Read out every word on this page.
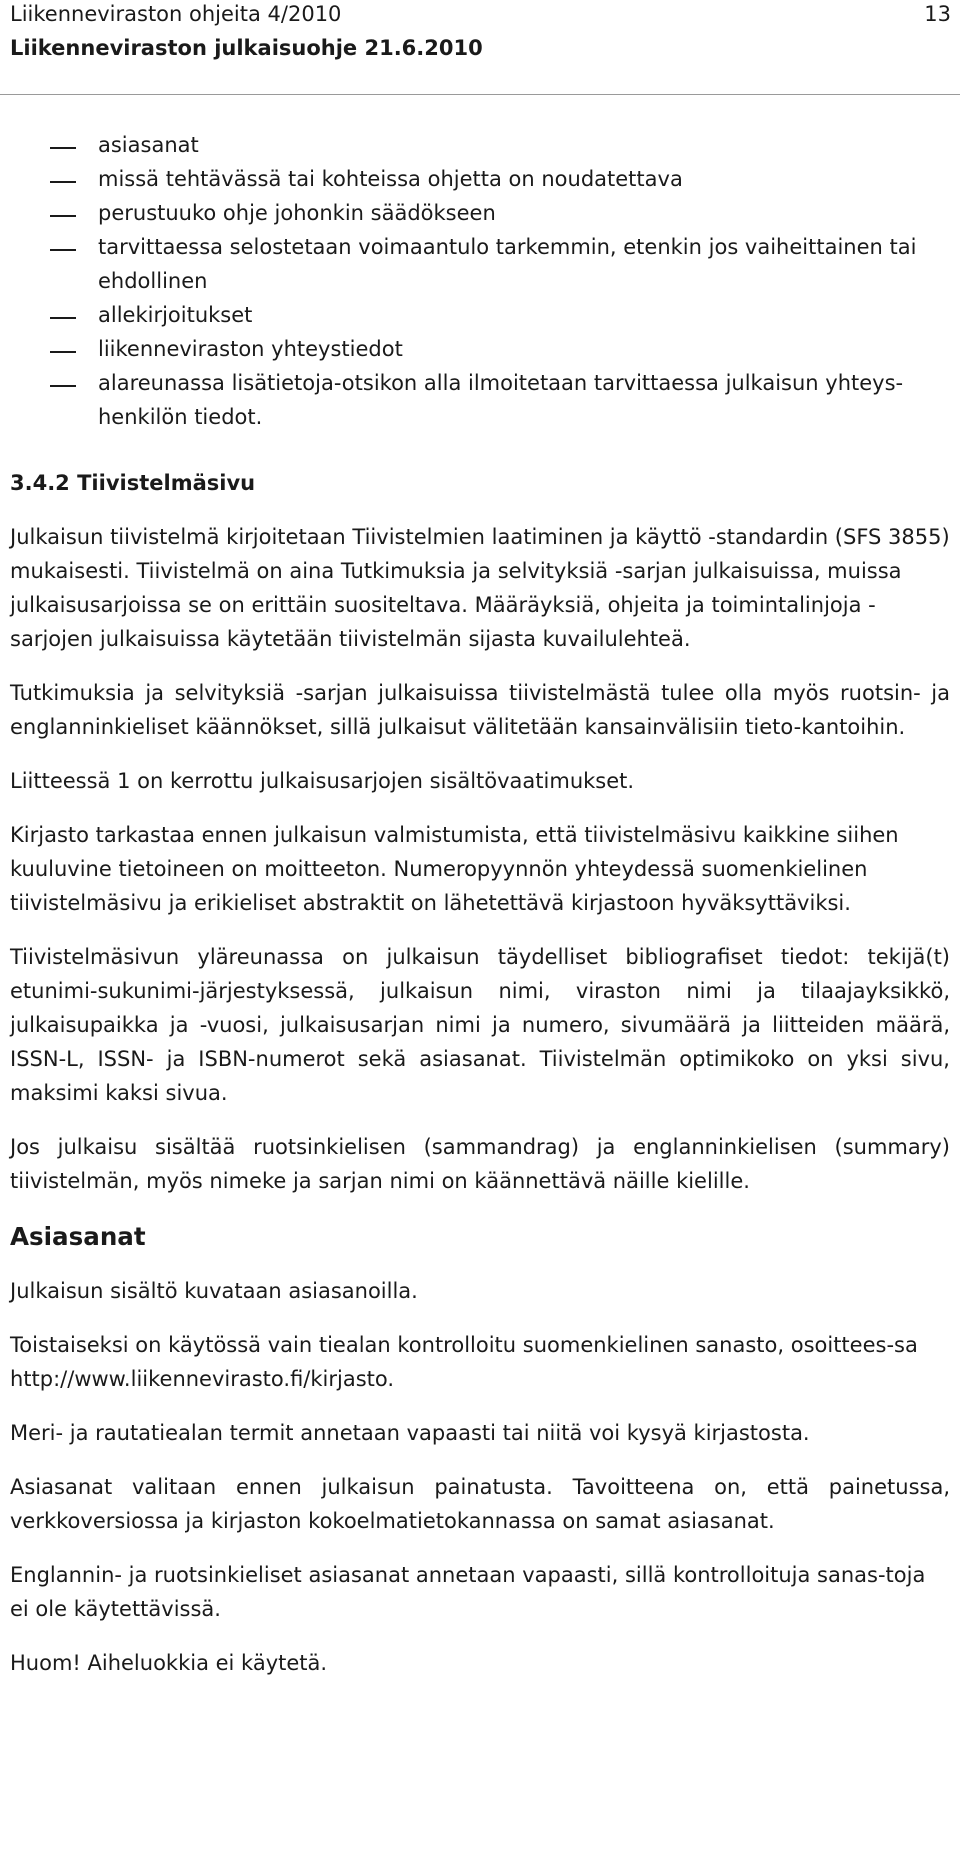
Liikenneviraston ohjeita 4/2010
Liikenneviraston julkaisuohje 21.6.2010
13
asiasanat
missä tehtävässä tai kohteissa ohjetta on noudatettava
perustuuko ohje johonkin säädökseen
tarvittaessa selostetaan voimaantulo tarkemmin, etenkin jos vaiheittainen tai ehdollinen
allekirjoitukset
liikenneviraston yhteystiedot
alareunassa lisätietoja-otsikon alla ilmoitetaan tarvittaessa julkaisun yhteys-henkilön tiedot.
3.4.2 Tiivistelmäsivu

Julkaisun tiivistelmä kirjoitetaan Tiivistelmien laatiminen ja käyttö -standardin (SFS 3855) mukaisesti. Tiivistelmä on aina Tutkimuksia ja selvityksiä -sarjan julkaisuissa, muissa julkaisusarjoissa se on erittäin suositeltava. Määräyksiä, ohjeita ja toimintalinjoja -sarjojen julkaisuissa käytetään tiivistelmän sijasta kuvailulehteä.

Tutkimuksia ja selvityksiä -sarjan julkaisuissa tiivistelmästä tulee olla myös ruotsin- ja englanninkieliset käännökset, sillä julkaisut välitetään kansainvälisiin tieto-kantoihin.

Liitteessä 1 on kerrottu julkaisusarjojen sisältövaatimukset.

Kirjasto tarkastaa ennen julkaisun valmistumista, että tiivistelmäsivu kaikkine siihen kuuluvine tietoineen on moitteeton. Numeropyynnön yhteydessä suomenkielinen tiivistelmäsivu ja erikieliset abstraktit on lähetettävä kirjastoon hyväksyttäviksi.

Tiivistelmäsivun yläreunassa on julkaisun täydelliset bibliografiset tiedot: tekijä(t) etunimi-sukunimi-järjestyksessä, julkaisun nimi, viraston nimi ja tilaajayksikkö, julkaisupaikka ja -vuosi, julkaisusarjan nimi ja numero, sivumäärä ja liitteiden määrä, ISSN-L, ISSN- ja ISBN-numerot sekä asiasanat. Tiivistelmän optimikoko on yksi sivu, maksimi kaksi sivua.

Jos julkaisu sisältää ruotsinkielisen (sammandrag) ja englanninkielisen (summary) tiivistelmän, myös nimeke ja sarjan nimi on käännettävä näille kielille.

Asiasanat

Julkaisun sisältö kuvataan asiasanoilla.

Toistaiseksi on käytössä vain tiealan kontrolloitu suomenkielinen sanasto, osoittees-sa http://www.liikennevirasto.fi/kirjasto.

Meri- ja rautatiealan termit annetaan vapaasti tai niitä voi kysyä kirjastosta.

Asiasanat valitaan ennen julkaisun painatusta. Tavoitteena on, että painetussa, verkkoversiossa ja kirjaston kokoelmatietokannassa on samat asiasanat.

Englannin- ja ruotsinkieliset asiasanat annetaan vapaasti, sillä kontrolloituja sanas-toja ei ole käytettävissä.

Huom! Aiheluokkia ei käytetä.
